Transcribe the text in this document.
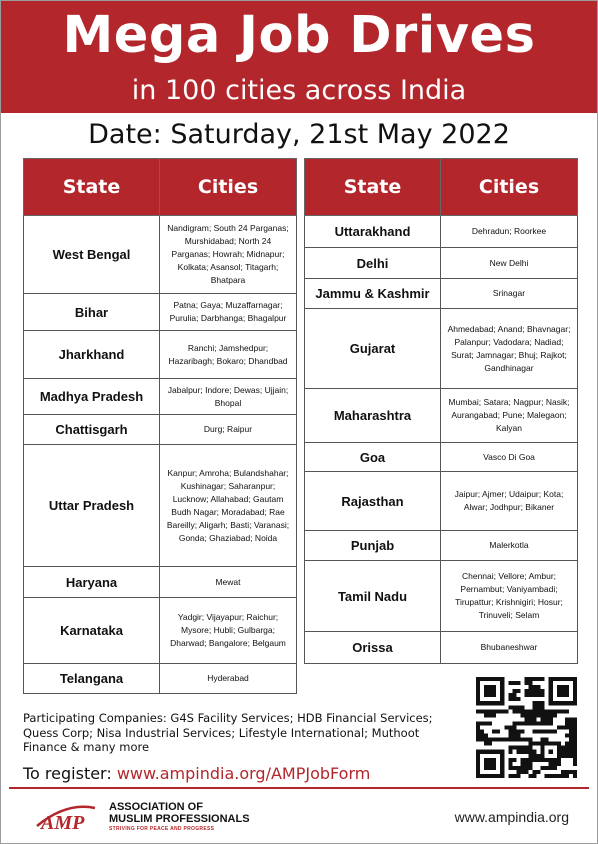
Mega Job Drives
in 100 cities across India
Date: Saturday, 21st May 2022
State	Cities
West Bengal	Nandigram; South 24 Parganas; Murshidabad; North 24 Parganas; Howrah; Midnapur; Kolkata; Asansol; Titagarh; Bhatpara
Bihar	Patna; Gaya; Muzaffarnagar; Purulia; Darbhanga; Bhagalpur
Jharkhand	Ranchi; Jamshedpur; Hazaribagh; Bokaro; Dhandbad
Madhya Pradesh	Jabalpur; Indore; Dewas; Ujjain; Bhopal
Chattisgarh	Durg; Raipur
Uttar Pradesh	Kanpur; Amroha; Bulandshahar; Kushinagar; Saharanpur; Lucknow; Allahabad; Gautam Budh Nagar; Moradabad; Rae Bareilly; Aligarh; Basti; Varanasi; Gonda; Ghaziabad; Noida
Haryana	Mewat
Karnataka	Yadgir; Vijayapur; Raichur; Mysore; Hubli; Gulbarga; Dharwad; Bangalore; Belgaum
Telangana	Hyderabad
State	Cities
Uttarakhand	Dehradun; Roorkee
Delhi	New Delhi
Jammu & Kashmir	Srinagar
Gujarat	Ahmedabad; Anand; Bhavnagar; Palanpur; Vadodara; Nadiad; Surat; Jamnagar; Bhuj; Rajkot; Gandhinagar
Maharashtra	Mumbai; Satara; Nagpur; Nasik; Aurangabad; Pune; Malegaon; Kalyan
Goa	Vasco Di Goa
Rajasthan	Jaipur; Ajmer; Udaipur; Kota; Alwar; Jodhpur; Bikaner
Punjab	Malerkotla
Tamil Nadu	Chennai; Vellore; Ambur; Pernambut; Vaniyambadi; Tirupattur; Krishnigiri; Hosur; Trinuveli; Selam
Orissa	Bhubaneshwar
Participating Companies: G4S Facility Services; HDB Financial Services; Quess Corp; Nisa Industrial Services; Lifestyle International; Muthoot Finance & many more
To register: www.ampindia.org/AMPJobForm
AMP
ASSOCIATION OF
MUSLIM PROFESSIONALS
STRIVING FOR PEACE AND PROGRESS
www.ampindia.org
